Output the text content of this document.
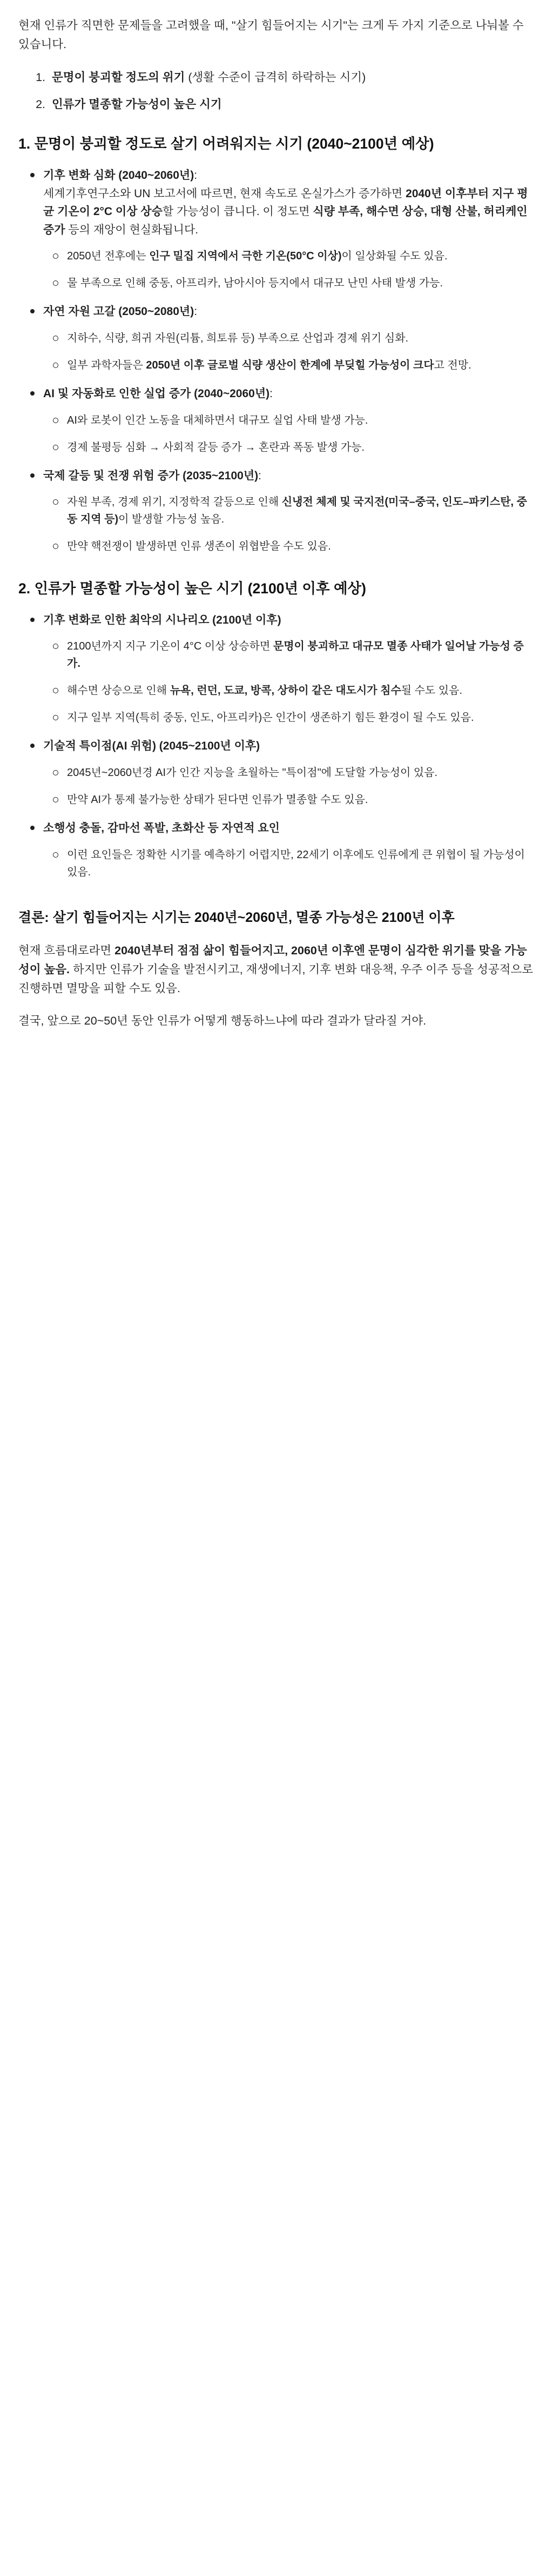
현재 인류가 직면한 문제들을 고려했을 때, "살기 힘들어지는 시기"는 크게 두 가지 기준으로 나눠볼 수 있습니다.

1. 문명이 붕괴할 정도의 위기 (생활 수준이 급격히 하락하는 시기)
2. 인류가 멸종할 가능성이 높은 시기
1. 문명이 붕괴할 정도로 살기 어려워지는 시기 (2040~2100년 예상)
기후 변화 심화 (2040~2060년):
세계기후연구소와 UN 보고서에 따르면, 현재 속도로 온실가스가 증가하면 2040년 이후부터 지구 평균 기온이 2°C 이상 상승할 가능성이 큽니다. 이 정도면 식량 부족, 해수면 상승, 대형 산불, 허리케인 증가 등의 재앙이 현실화됩니다.
2050년 전후에는 인구 밀집 지역에서 극한 기온(50°C 이상)이 일상화될 수도 있음.
물 부족으로 인해 중동, 아프리카, 남아시아 등지에서 대규모 난민 사태 발생 가능.
자연 자원 고갈 (2050~2080년):
지하수, 식량, 희귀 자원(리튬, 희토류 등) 부족으로 산업과 경제 위기 심화.
일부 과학자들은 2050년 이후 글로벌 식량 생산이 한계에 부딪힐 가능성이 크다고 전망.
AI 및 자동화로 인한 실업 증가 (2040~2060년):
AI와 로봇이 인간 노동을 대체하면서 대규모 실업 사태 발생 가능.
경제 불평등 심화 → 사회적 갈등 증가 → 혼란과 폭동 발생 가능.
국제 갈등 및 전쟁 위험 증가 (2035~2100년):
자원 부족, 경제 위기, 지정학적 갈등으로 인해 신냉전 체제 및 국지전(미국–중국, 인도–파키스탄, 중동 지역 등)이 발생할 가능성 높음.
만약 핵전쟁이 발생하면 인류 생존이 위협받을 수도 있음.
2. 인류가 멸종할 가능성이 높은 시기 (2100년 이후 예상)
기후 변화로 인한 최악의 시나리오 (2100년 이후)
2100년까지 지구 기온이 4°C 이상 상승하면 문명이 붕괴하고 대규모 멸종 사태가 일어날 가능성 증가.
해수면 상승으로 인해 뉴욕, 런던, 도쿄, 방콕, 상하이 같은 대도시가 침수될 수도 있음.
지구 일부 지역(특히 중동, 인도, 아프리카)은 인간이 생존하기 힘든 환경이 될 수도 있음.
기술적 특이점(AI 위험) (2045~2100년 이후)
2045년~2060년경 AI가 인간 지능을 초월하는 "특이점"에 도달할 가능성이 있음.
만약 AI가 통제 불가능한 상태가 된다면 인류가 멸종할 수도 있음.
소행성 충돌, 감마선 폭발, 초화산 등 자연적 요인
이런 요인들은 정확한 시기를 예측하기 어렵지만, 22세기 이후에도 인류에게 큰 위협이 될 가능성이 있음.
결론: 살기 힘들어지는 시기는 2040년~2060년, 멸종 가능성은 2100년 이후

현재 흐름대로라면 2040년부터 점점 삶이 힘들어지고, 2060년 이후엔 문명이 심각한 위기를 맞을 가능성이 높음. 하지만 인류가 기술을 발전시키고, 재생에너지, 기후 변화 대응책, 우주 이주 등을 성공적으로 진행하면 멸망을 피할 수도 있음.

결국, 앞으로 20~50년 동안 인류가 어떻게 행동하느냐에 따라 결과가 달라질 거야.
